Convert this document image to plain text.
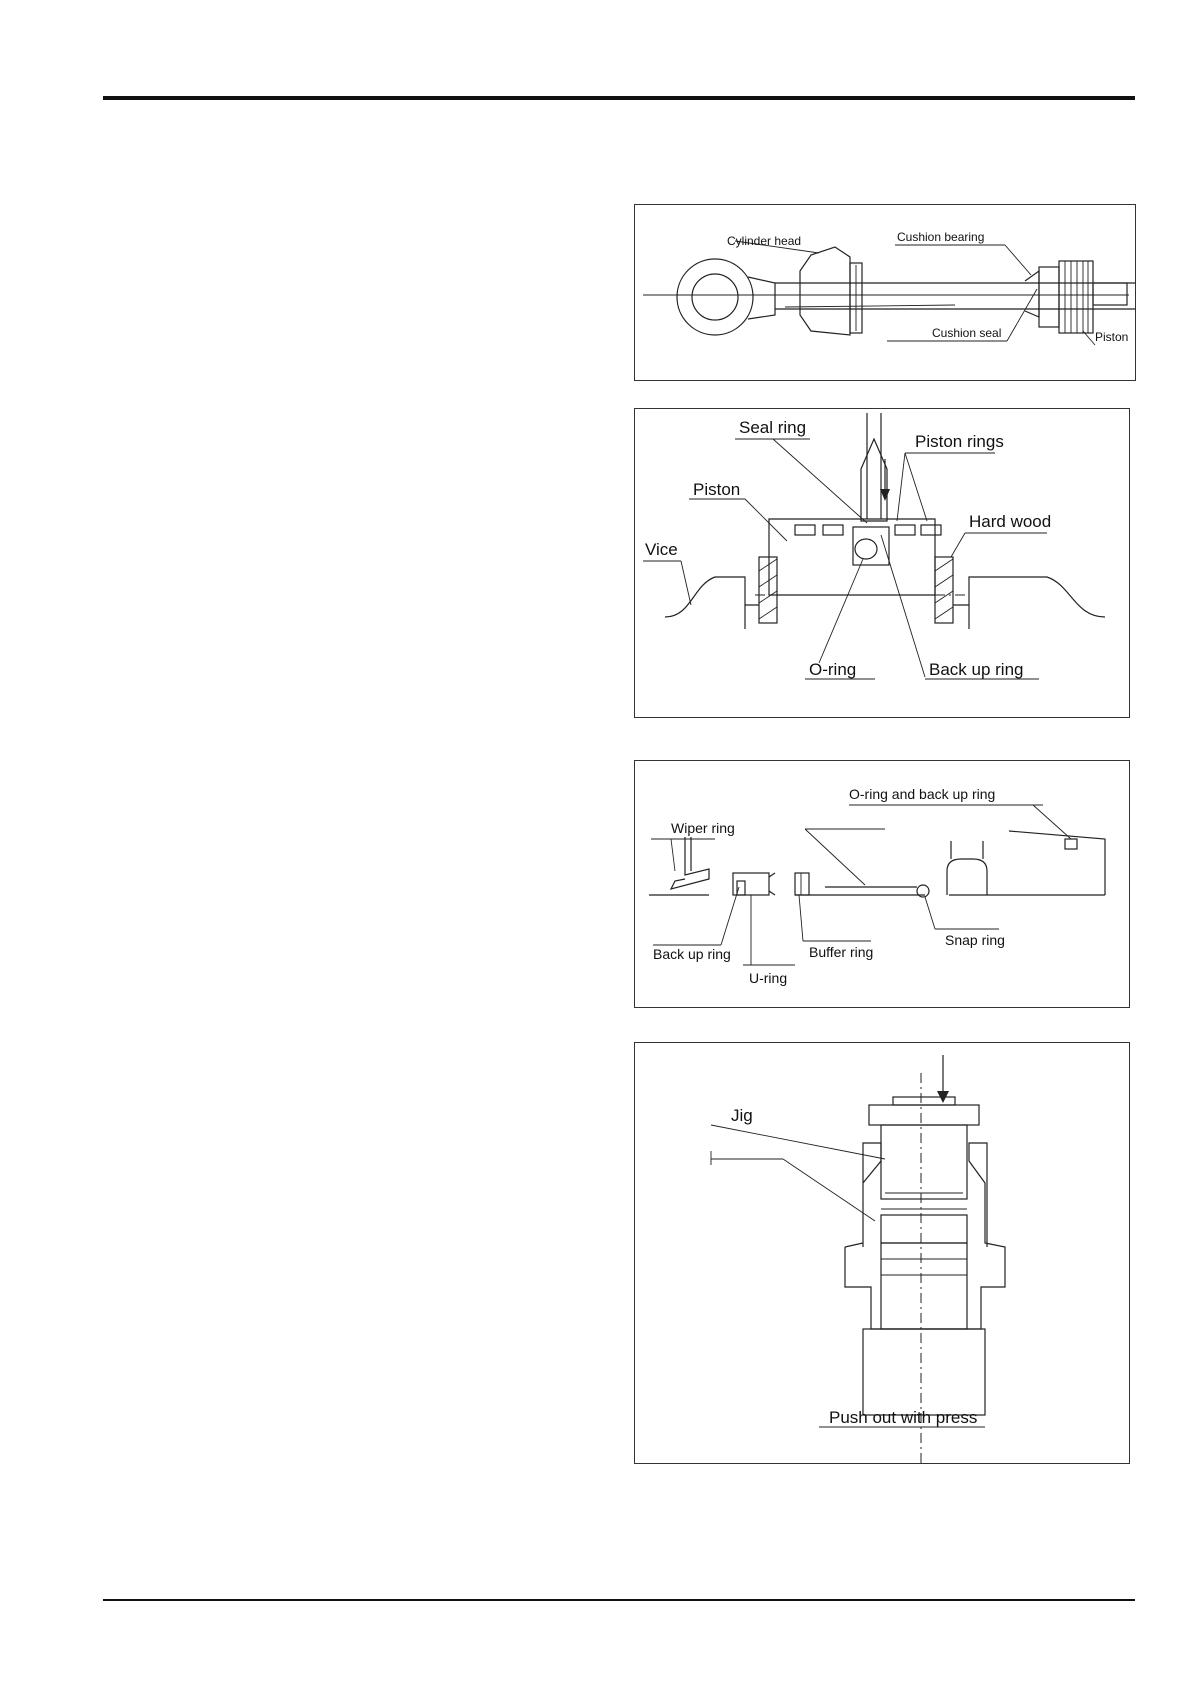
Cylinder head	Cushion bearing
Cushion seal	Piston
Seal ring
Piston rings
Piston
Hard wood
Vice
O-ring	Back up ring
O-ring and back up ring
Wiper ring
Back up ring
U-ring
Buffer ring
Snap ring
Jig
Push out with press
